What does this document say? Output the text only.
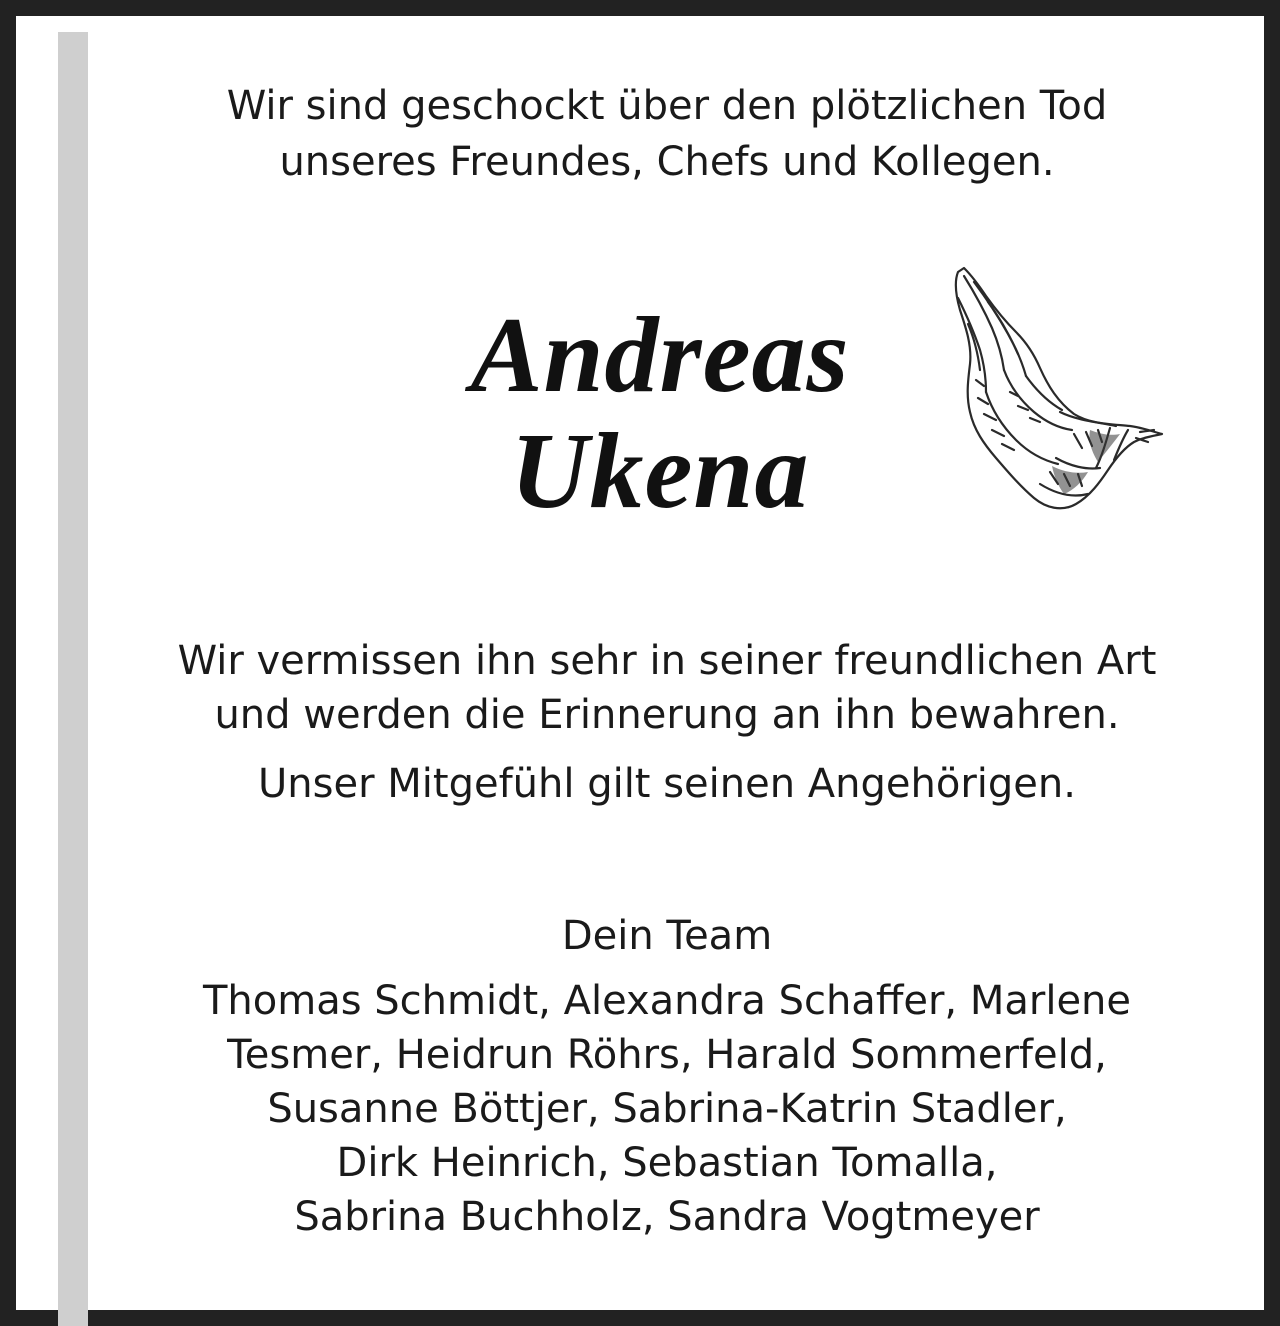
Wir sind geschockt über den plötzlichen Tod
unseres Freundes, Chefs und Kollegen.
Andreas
Ukena
Wir vermissen ihn sehr in seiner freundlichen Art
und werden die Erinnerung an ihn bewahren.
Unser Mitgefühl gilt seinen Angehörigen.
Dein Team
Thomas Schmidt, Alexandra Schaffer, Marlene
Tesmer, Heidrun Röhrs, Harald Sommerfeld,
Susanne Böttjer, Sabrina-Katrin Stadler,
Dirk Heinrich, Sebastian Tomalla,
Sabrina Buchholz, Sandra Vogtmeyer
